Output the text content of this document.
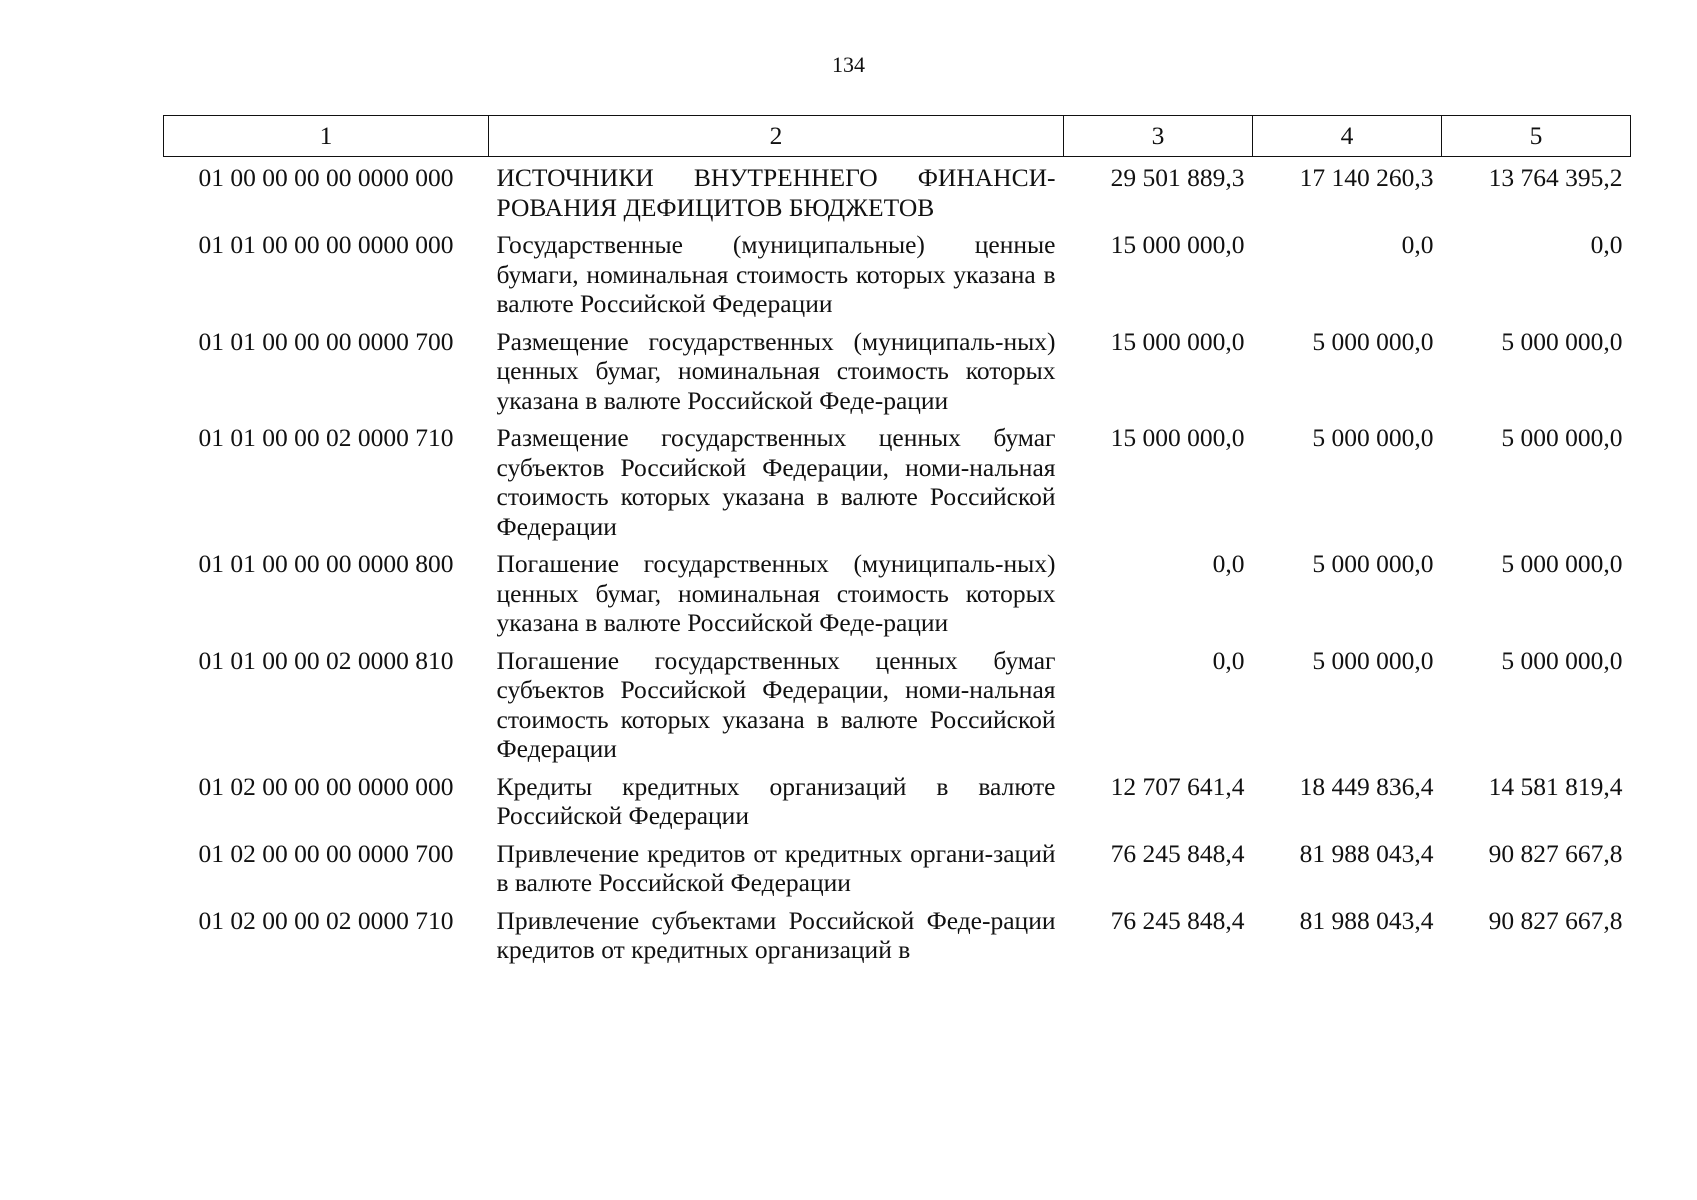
134
1	2	3	4	5
01 00 00 00 00 0000 000	ИСТОЧНИКИ ВНУТРЕННЕГО ФИНАНСИ-РОВАНИЯ ДЕФИЦИТОВ БЮДЖЕТОВ	29 501 889,3	17 140 260,3	13 764 395,2
01 01 00 00 00 0000 000	Государственные (муниципальные) ценные бумаги, номинальная стоимость которых указана в валюте Российской Федерации	15 000 000,0	0,0	0,0
01 01 00 00 00 0000 700	Размещение государственных (муниципаль-ных) ценных бумаг, номинальная стоимость которых указана в валюте Российской Феде-рации	15 000 000,0	5 000 000,0	5 000 000,0
01 01 00 00 02 0000 710	Размещение государственных ценных бумаг субъектов Российской Федерации, номи-нальная стоимость которых указана в валюте Российской Федерации	15 000 000,0	5 000 000,0	5 000 000,0
01 01 00 00 00 0000 800	Погашение государственных (муниципаль-ных) ценных бумаг, номинальная стоимость которых указана в валюте Российской Феде-рации	0,0	5 000 000,0	5 000 000,0
01 01 00 00 02 0000 810	Погашение государственных ценных бумаг субъектов Российской Федерации, номи-нальная стоимость которых указана в валюте Российской Федерации	0,0	5 000 000,0	5 000 000,0
01 02 00 00 00 0000 000	Кредиты кредитных организаций в валюте Российской Федерации	12 707 641,4	18 449 836,4	14 581 819,4
01 02 00 00 00 0000 700	Привлечение кредитов от кредитных органи-заций в валюте Российской Федерации	76 245 848,4	81 988 043,4	90 827 667,8
01 02 00 00 02 0000 710	Привлечение субъектами Российской Феде-рации кредитов от кредитных организаций в	76 245 848,4	81 988 043,4	90 827 667,8
